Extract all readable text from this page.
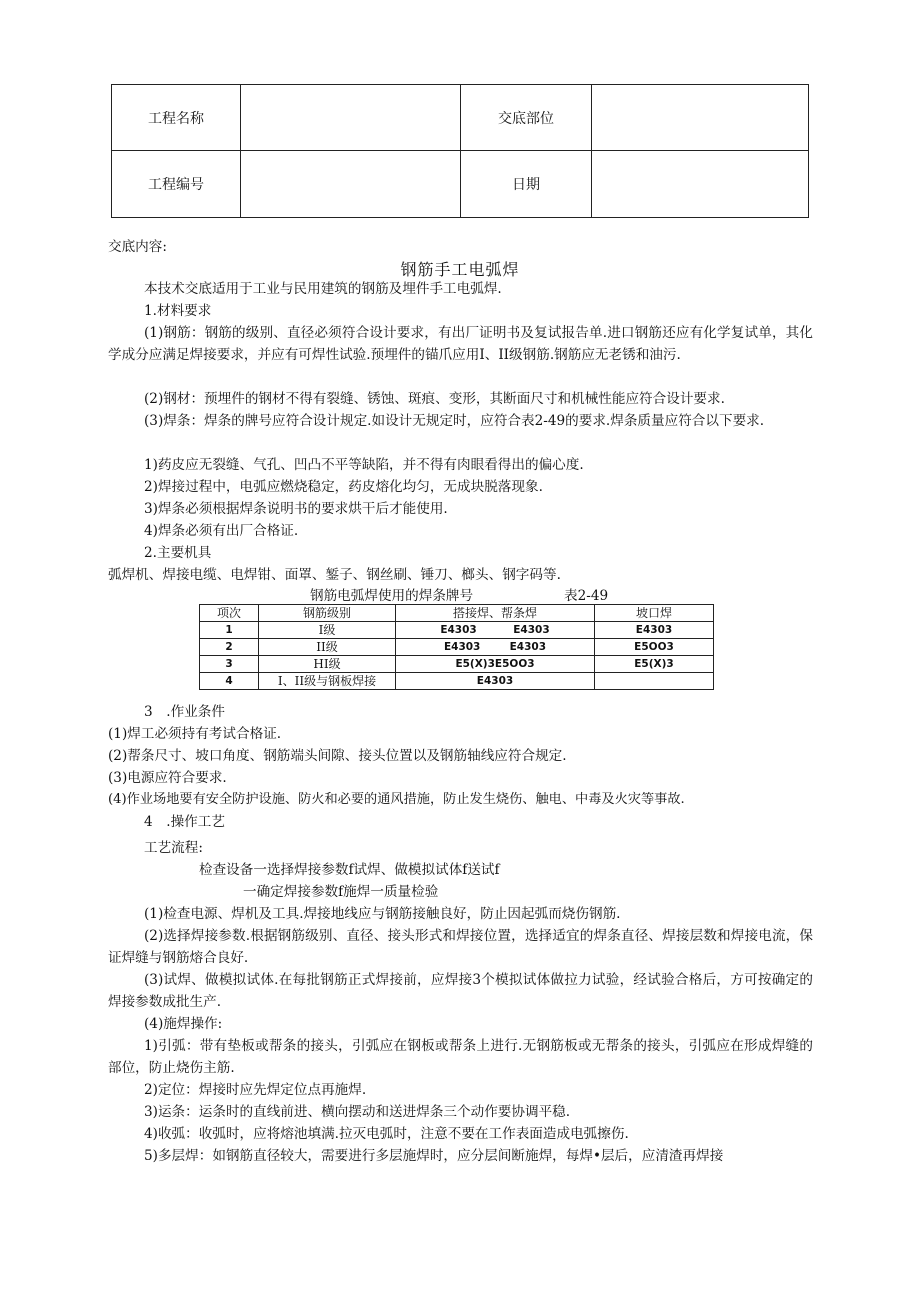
工程名称		交底部位	
工程编号		日期	
交底内容:
钢筋手工电弧焊
本技术交底适用于工业与民用建筑的钢筋及埋件手工电弧焊.
1.材料要求
(1)钢筋：钢筋的级别、直径必须符合设计要求，有出厂证明书及复试报告单.进口钢筋还应有化学复试单，其化学成分应满足焊接要求，并应有可焊性试验.预埋件的锚爪应用I、II级钢筋.钢筋应无老锈和油污.
(2)钢材：预埋件的钢材不得有裂缝、锈蚀、斑痕、变形，其断面尺寸和机械性能应符合设计要求.
(3)焊条：焊条的牌号应符合设计规定.如设计无规定时，应符合表2-49的要求.焊条质量应符合以下要求.
1)药皮应无裂缝、气孔、凹凸不平等缺陷，并不得有肉眼看得出的偏心度.
2)焊接过程中，电弧应燃烧稳定，药皮熔化均匀，无成块脱落现象.
3)焊条必须根据焊条说明书的要求烘干后才能使用.
4)焊条必须有出厂合格证.
2.主要机具
弧焊机、焊接电缆、电焊钳、面罩、錾子、钢丝刷、锤刀、榔头、钢字码等.
钢筋电弧焊使用的焊条牌号	表2-49
项次	钢筋级别	搭接焊、帮条焊	坡口焊
1	I级	E4303          E4303	E4303
2	II级	E4303        E4303	E5OO3
3	HI级	E5(X)3E5OO3	E5(X)3
4	I、II级与钢板焊接	E4303	
3　.作业条件
(1)焊工必须持有考试合格证.
(2)帮条尺寸、坡口角度、钢筋端头间隙、接头位置以及钢筋轴线应符合规定.
(3)电源应符合要求.
(4)作业场地要有安全防护设施、防火和必要的通风措施，防止发生烧伤、触电、中毒及火灾等事故.
4　.操作工艺
工艺流程:
检查设备一选择焊接参数f试焊、做模拟试体f送试f
一确定焊接参数f施焊一质量检验
(1)检查电源、焊机及工具.焊接地线应与钢筋接触良好，防止因起弧而烧伤钢筋.
(2)选择焊接参数.根据钢筋级别、直径、接头形式和焊接位置，选择适宜的焊条直径、焊接层数和焊接电流，保证焊缝与钢筋熔合良好.
(3)试焊、做模拟试体.在每批钢筋正式焊接前，应焊接3个模拟试体做拉力试验，经试验合格后，方可按确定的焊接参数成批生产.
(4)施焊操作:
1)引弧：带有垫板或帮条的接头，引弧应在钢板或帮条上进行.无钢筋板或无帮条的接头，引弧应在形成焊缝的部位，防止烧伤主筋.
2)定位：焊接时应先焊定位点再施焊.
3)运条：运条时的直线前进、横向摆动和送进焊条三个动作要协调平稳.
4)收弧：收弧时，应将熔池填满.拉灭电弧时，注意不要在工作表面造成电弧擦伤.
5)多层焊：如钢筋直径较大，需要进行多层施焊时，应分层间断施焊，每焊•层后，应清渣再焊接
